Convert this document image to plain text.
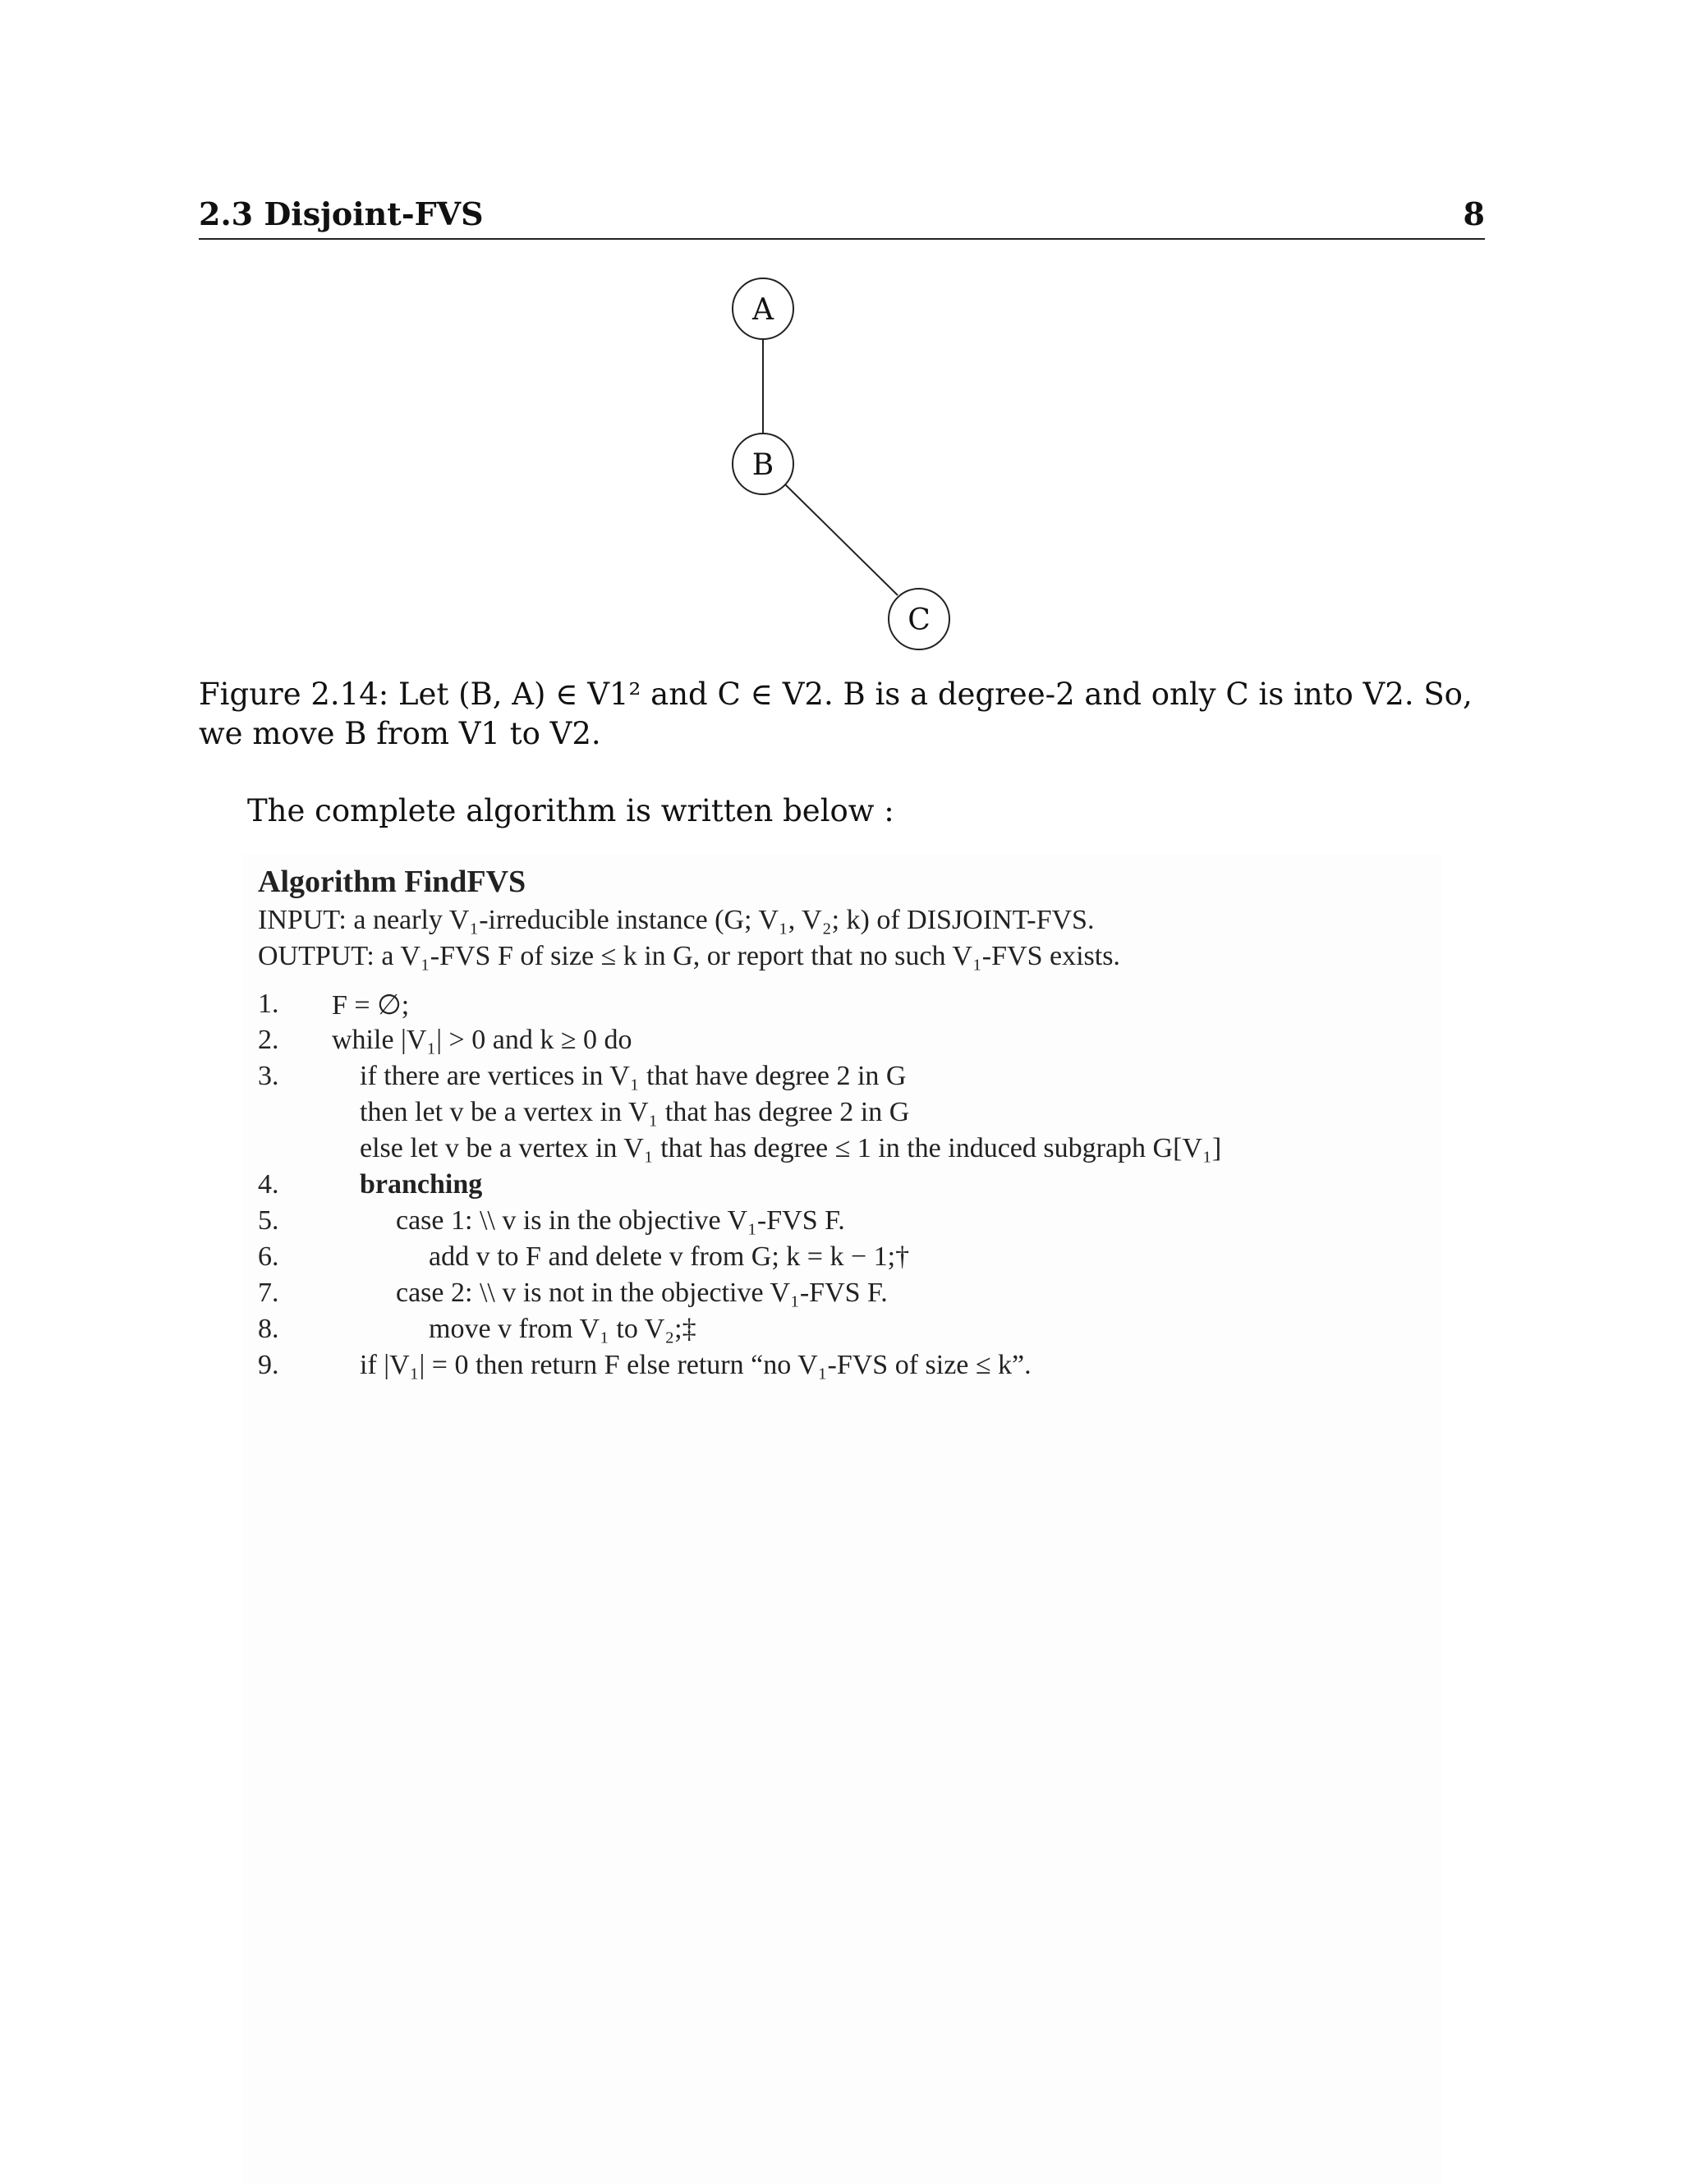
2.3 Disjoint-FVS	8
A
B
C
Figure 2.14: Let (B, A) ∈ V1² and C ∈ V2. B is a degree-2 and only C is into V2. So, we move B from V1 to V2.
The complete algorithm is written below :
Algorithm FindFVS
INPUT: a nearly V₁-irreducible instance (G; V₁, V₂; k) of DISJOINT-FVS.
OUTPUT: a V₁-FVS F of size ≤ k in G, or report that no such V₁-FVS exists.
1.	F = ∅;
2.	while |V₁| > 0 and k ≥ 0 do
3.	if there are vertices in V₁ that have degree 2 in G
then let v be a vertex in V₁ that has degree 2 in G
else let v be a vertex in V₁ that has degree ≤ 1 in the induced subgraph G[V₁]
4.	branching
5.	case 1: \\ v is in the objective V₁-FVS F.
6.	add v to F and delete v from G; k = k − 1;†
7.	case 2: \\ v is not in the objective V₁-FVS F.
8.	move v from V₁ to V₂;‡
9.	if |V₁| = 0 then return F else return “no V₁-FVS of size ≤ k”.
